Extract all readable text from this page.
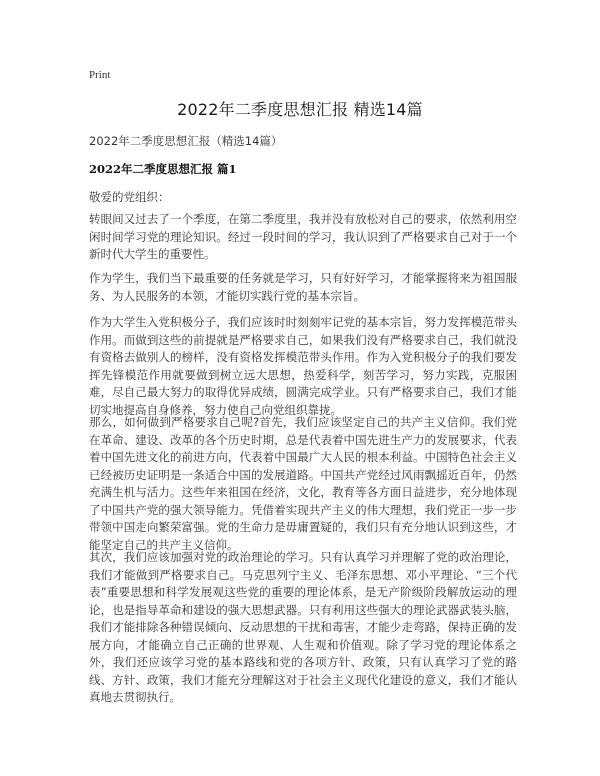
Print
2022年二季度思想汇报 精选14篇
2022年二季度思想汇报（精选14篇）
2022年二季度思想汇报 篇1
敬爱的党组织：

转眼间又过去了一个季度，在第二季度里，我并没有放松对自己的要求，依然利用空闲时间学习党的理论知识。经过一段时间的学习，我认识到了严格要求自己对于一个新时代大学生的重要性。

作为学生，我们当下最重要的任务就是学习，只有好好学习，才能掌握将来为祖国服务、为人民服务的本领，才能切实践行党的基本宗旨。

作为大学生入党积极分子，我们应该时时刻刻牢记党的基本宗旨，努力发挥模范带头作用。而做到这些的前提就是严格要求自己，如果我们没有严格要求自己，我们就没有资格去做别人的榜样，没有资格发挥模范带头作用。作为入党积极分子的我们要发挥先锋模范作用就要做到树立远大思想，热爱科学，刻苦学习，努力实践，克服困难，尽自己最大努力的取得优异成绩，圆满完成学业。只有严格要求自己，我们才能切实地提高自身修养，努力使自己向党组织靠拢。

那么，如何做到严格要求自己呢?首先，我们应该坚定自己的共产主义信仰。我们党在革命、建设、改革的各个历史时期，总是代表着中国先进生产力的发展要求，代表着中国先进文化的前进方向，代表着中国最广大人民的根本利益。中国特色社会主义已经被历史证明是一条适合中国的发展道路。中国共产党经过风雨飘摇近百年，仍然充满生机与活力。这些年来祖国在经济，文化，教育等各方面日益进步，充分地体现了中国共产党的强大领导能力。凭借着实现共产主义的伟大理想，我们党正一步一步带领中国走向繁荣富强。党的生命力是毋庸置疑的，我们只有充分地认识到这些，才能坚定自己的共产主义信仰。

其次，我们应该加强对党的政治理论的学习。只有认真学习并理解了党的政治理论，我们才能做到严格要求自己。马克思列宁主义、毛泽东思想、邓小平理论、“三个代表”重要思想和科学发展观这些党的重要的理论体系，是无产阶级阶段解放运动的理论，也是指导革命和建设的强大思想武器。只有利用这些强大的理论武器武装头脑，我们才能排除各种错误倾向、反动思想的干扰和毒害，才能少走弯路，保持正确的发展方向，才能确立自己正确的世界观、人生观和价值观。除了学习党的理论体系之外，我们还应该学习党的基本路线和党的各项方针、政策，只有认真学习了党的路线、方针、政策，我们才能充分理解这对于社会主义现代化建设的意义，我们才能认真地去贯彻执行。
